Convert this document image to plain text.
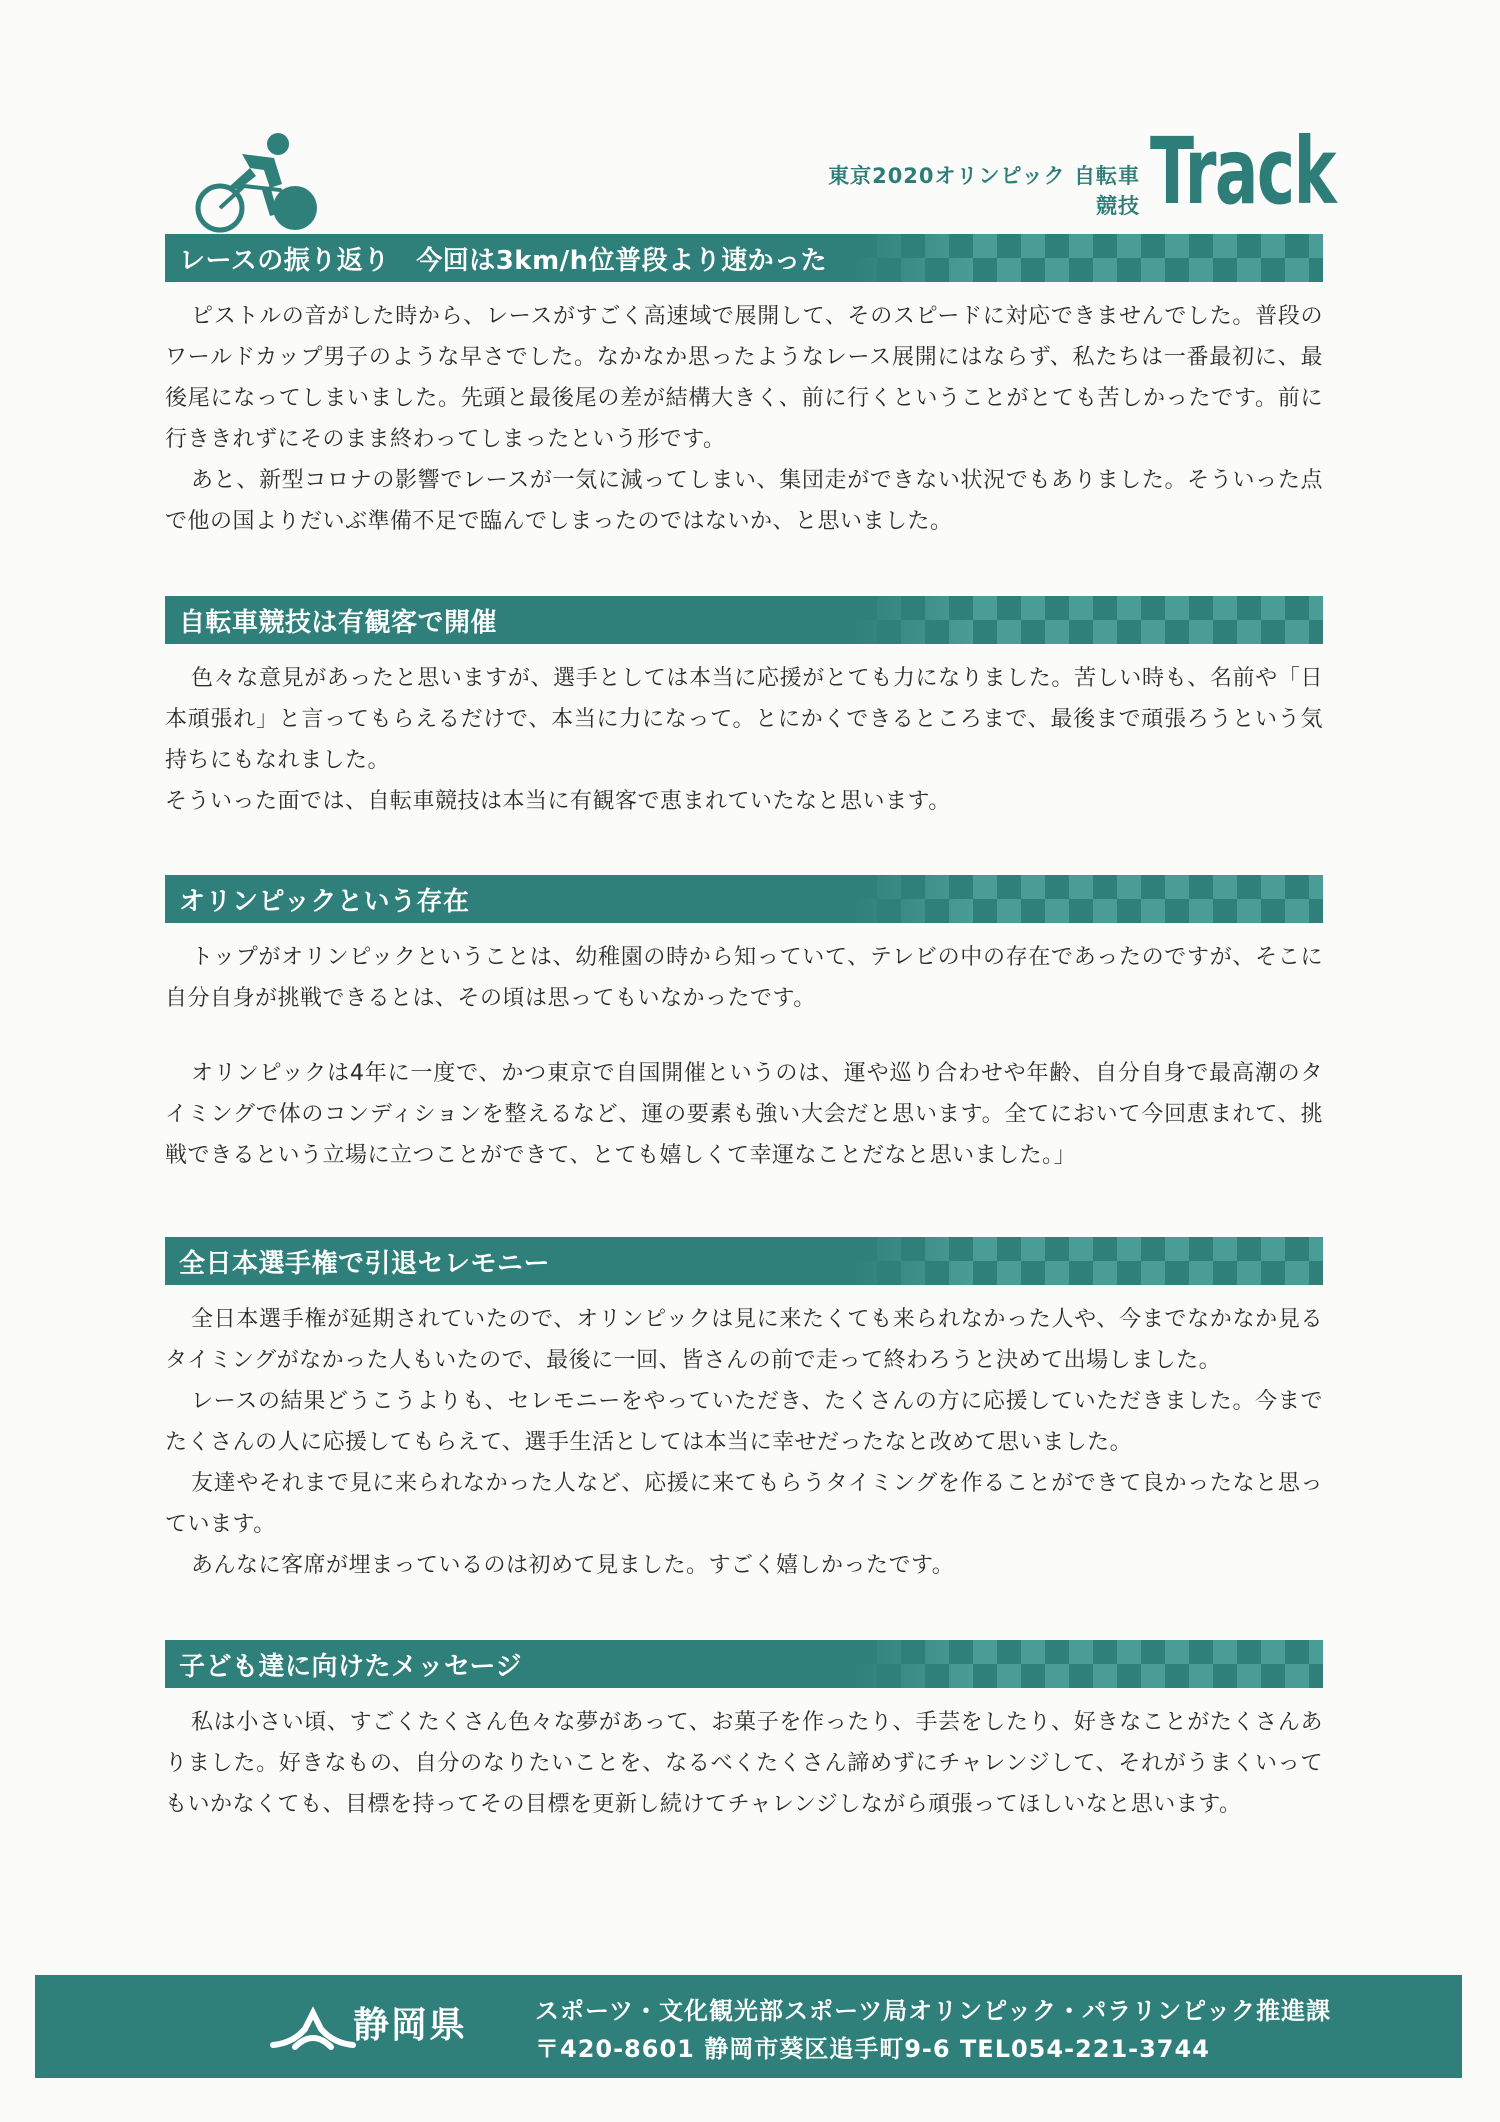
東京2020オリンピック 自転車競技 Track
レースの振り返り　今回は3km/h位普段より速かった

ピストルの音がした時から、レースがすごく高速域で展開して、そのスピードに対応できませんでした。普段のワールドカップ男子のような早さでした。なかなか思ったようなレース展開にはならず、私たちは一番最初に、最後尾になってしまいました。先頭と最後尾の差が結構大きく、前に行くということがとても苦しかったです。前に行ききれずにそのまま終わってしまったという形です。

あと、新型コロナの影響でレースが一気に減ってしまい、集団走ができない状況でもありました。そういった点で他の国よりだいぶ準備不足で臨んでしまったのではないか、と思いました。

自転車競技は有観客で開催

色々な意見があったと思いますが、選手としては本当に応援がとても力になりました。苦しい時も、名前や「日本頑張れ」と言ってもらえるだけで、本当に力になって。とにかくできるところまで、最後まで頑張ろうという気持ちにもなれました。

そういった面では、自転車競技は本当に有観客で恵まれていたなと思います。

オリンピックという存在

トップがオリンピックということは、幼稚園の時から知っていて、テレビの中の存在であったのですが、そこに自分自身が挑戦できるとは、その頃は思ってもいなかったです。

オリンピックは4年に一度で、かつ東京で自国開催というのは、運や巡り合わせや年齢、自分自身で最高潮のタイミングで体のコンディションを整えるなど、運の要素も強い大会だと思います。全てにおいて今回恵まれて、挑戦できるという立場に立つことができて、とても嬉しくて幸運なことだなと思いました。」

全日本選手権で引退セレモニー

全日本選手権が延期されていたので、オリンピックは見に来たくても来られなかった人や、今までなかなか見るタイミングがなかった人もいたので、最後に一回、皆さんの前で走って終わろうと決めて出場しました。

レースの結果どうこうよりも、セレモニーをやっていただき、たくさんの方に応援していただきました。今までたくさんの人に応援してもらえて、選手生活としては本当に幸せだったなと改めて思いました。

友達やそれまで見に来られなかった人など、応援に来てもらうタイミングを作ることができて良かったなと思っています。

あんなに客席が埋まっているのは初めて見ました。すごく嬉しかったです。

子ども達に向けたメッセージ

私は小さい頃、すごくたくさん色々な夢があって、お菓子を作ったり、手芸をしたり、好きなことがたくさんありました。好きなもの、自分のなりたいことを、なるべくたくさん諦めずにチャレンジして、それがうまくいってもいかなくても、目標を持ってその目標を更新し続けてチャレンジしながら頑張ってほしいなと思います。

静岡県	スポーツ・文化観光部スポーツ局オリンピック・パラリンピック推進課
〒420-8601 静岡市葵区追手町9-6 TEL054-221-3744
